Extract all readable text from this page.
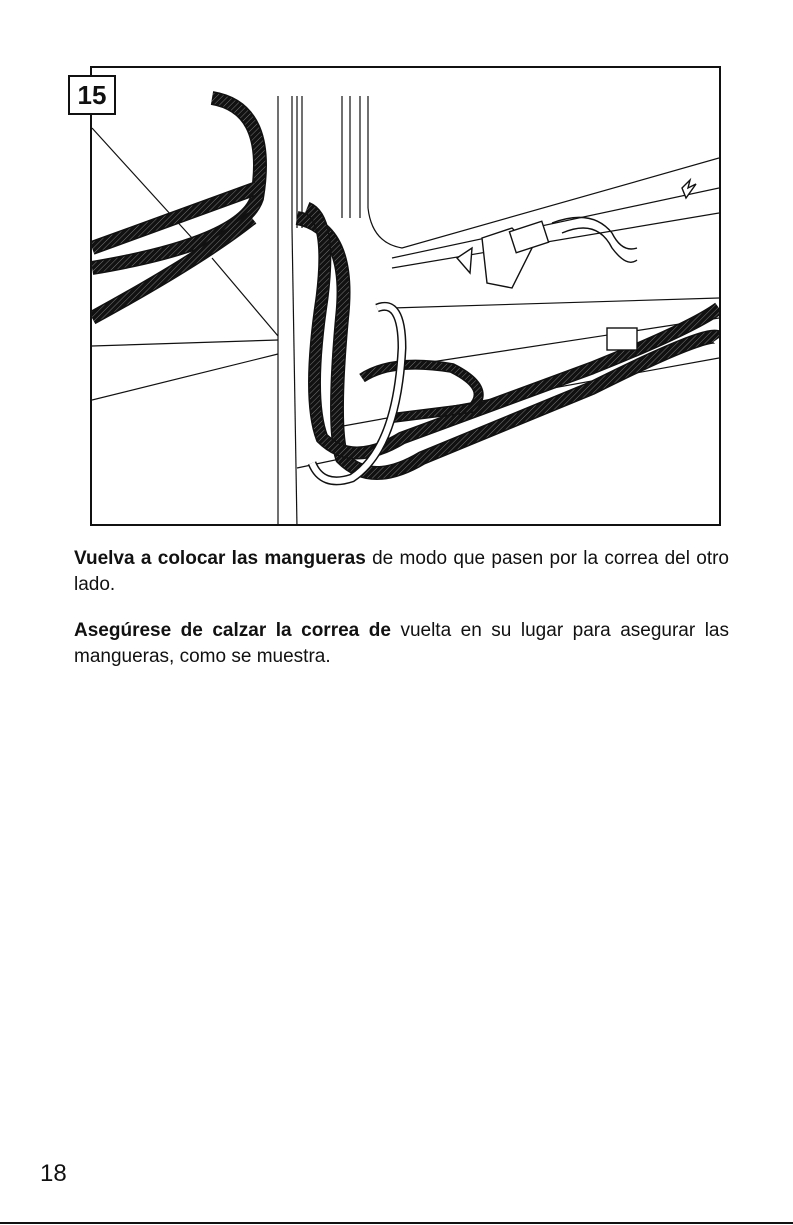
15

Vuelva a colocar las mangueras de modo que pasen por la correa del otro lado.

Asegúrese de calzar la correa de vuelta en su lugar para asegurar las mangueras, como se muestra.

18
